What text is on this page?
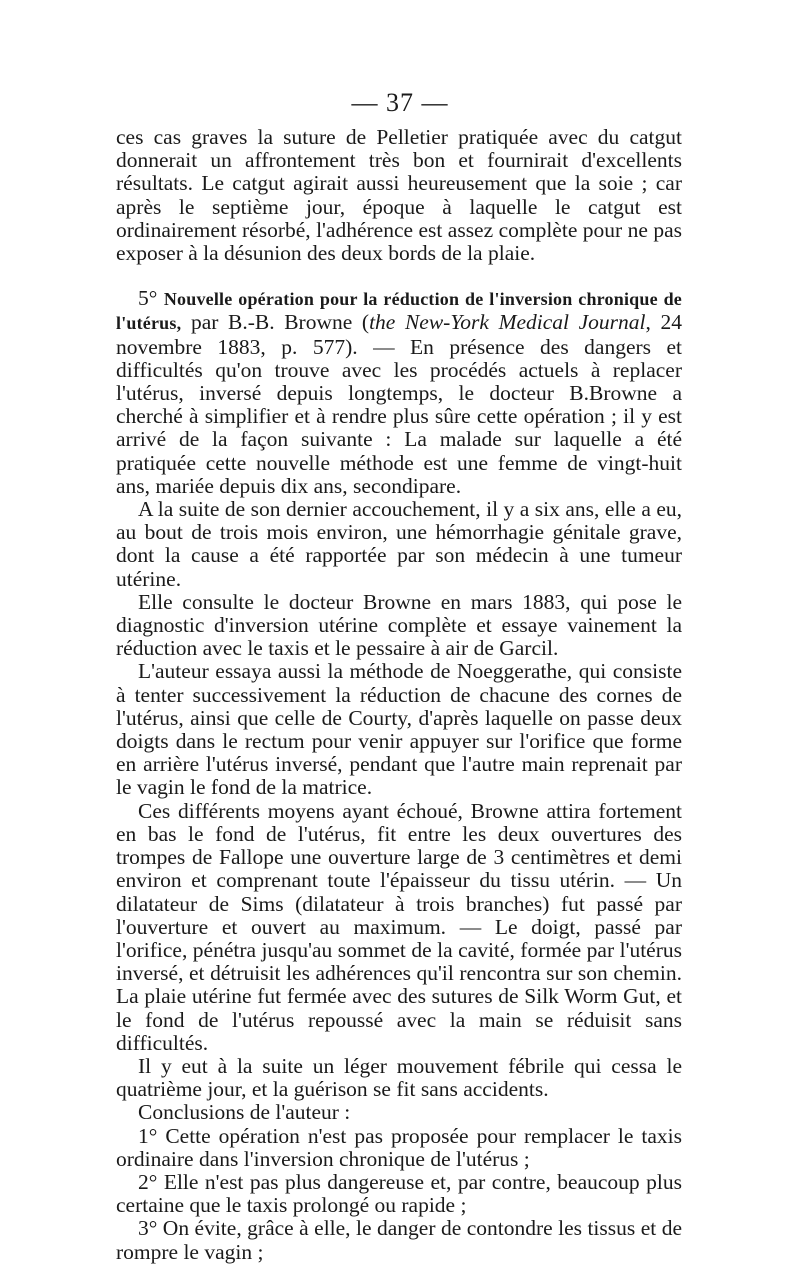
— 37 —

ces cas graves la suture de Pelletier pratiquée avec du catgut donnerait un affrontement très bon et fournirait d'excellents résultats. Le catgut agirait aussi heureusement que la soie ; car après le septième jour, époque à laquelle le catgut est ordinairement résorbé, l'adhérence est assez complète pour ne pas exposer à la désunion des deux bords de la plaie.

5° Nouvelle opération pour la réduction de l'inversion chronique de l'utérus, par B.-B. Browne (the New-York Medical Journal, 24 novembre 1883, p. 577). — En présence des dangers et difficultés qu'on trouve avec les procédés actuels à replacer l'utérus, inversé depuis longtemps, le docteur B.Browne a cherché à simplifier et à rendre plus sûre cette opération ; il y est arrivé de la façon suivante : La malade sur laquelle a été pratiquée cette nouvelle méthode est une femme de vingt-huit ans, mariée depuis dix ans, secondipare.

A la suite de son dernier accouchement, il y a six ans, elle a eu, au bout de trois mois environ, une hémorrhagie génitale grave, dont la cause a été rapportée par son médecin à une tumeur utérine.

Elle consulte le docteur Browne en mars 1883, qui pose le diagnostic d'inversion utérine complète et essaye vainement la réduction avec le taxis et le pessaire à air de Garcil.

L'auteur essaya aussi la méthode de Noeggerathe, qui consiste à tenter successivement la réduction de chacune des cornes de l'utérus, ainsi que celle de Courty, d'après laquelle on passe deux doigts dans le rectum pour venir appuyer sur l'orifice que forme en arrière l'utérus inversé, pendant que l'autre main reprenait par le vagin le fond de la matrice.

Ces différents moyens ayant échoué, Browne attira fortement en bas le fond de l'utérus, fit entre les deux ouvertures des trompes de Fallope une ouverture large de 3 centimètres et demi environ et comprenant toute l'épaisseur du tissu utérin. — Un dilatateur de Sims (dilatateur à trois branches) fut passé par l'ouverture et ouvert au maximum. — Le doigt, passé par l'orifice, pénétra jusqu'au sommet de la cavité, formée par l'utérus inversé, et détruisit les adhérences qu'il rencontra sur son chemin. La plaie utérine fut fermée avec des sutures de Silk Worm Gut, et le fond de l'utérus repoussé avec la main se réduisit sans difficultés.

Il y eut à la suite un léger mouvement fébrile qui cessa le quatrième jour, et la guérison se fit sans accidents.

Conclusions de l'auteur :

1° Cette opération n'est pas proposée pour remplacer le taxis ordinaire dans l'inversion chronique de l'utérus ;

2° Elle n'est pas plus dangereuse et, par contre, beaucoup plus certaine que le taxis prolongé ou rapide ;

3° On évite, grâce à elle, le danger de contondre les tissus et de rompre le vagin ;
